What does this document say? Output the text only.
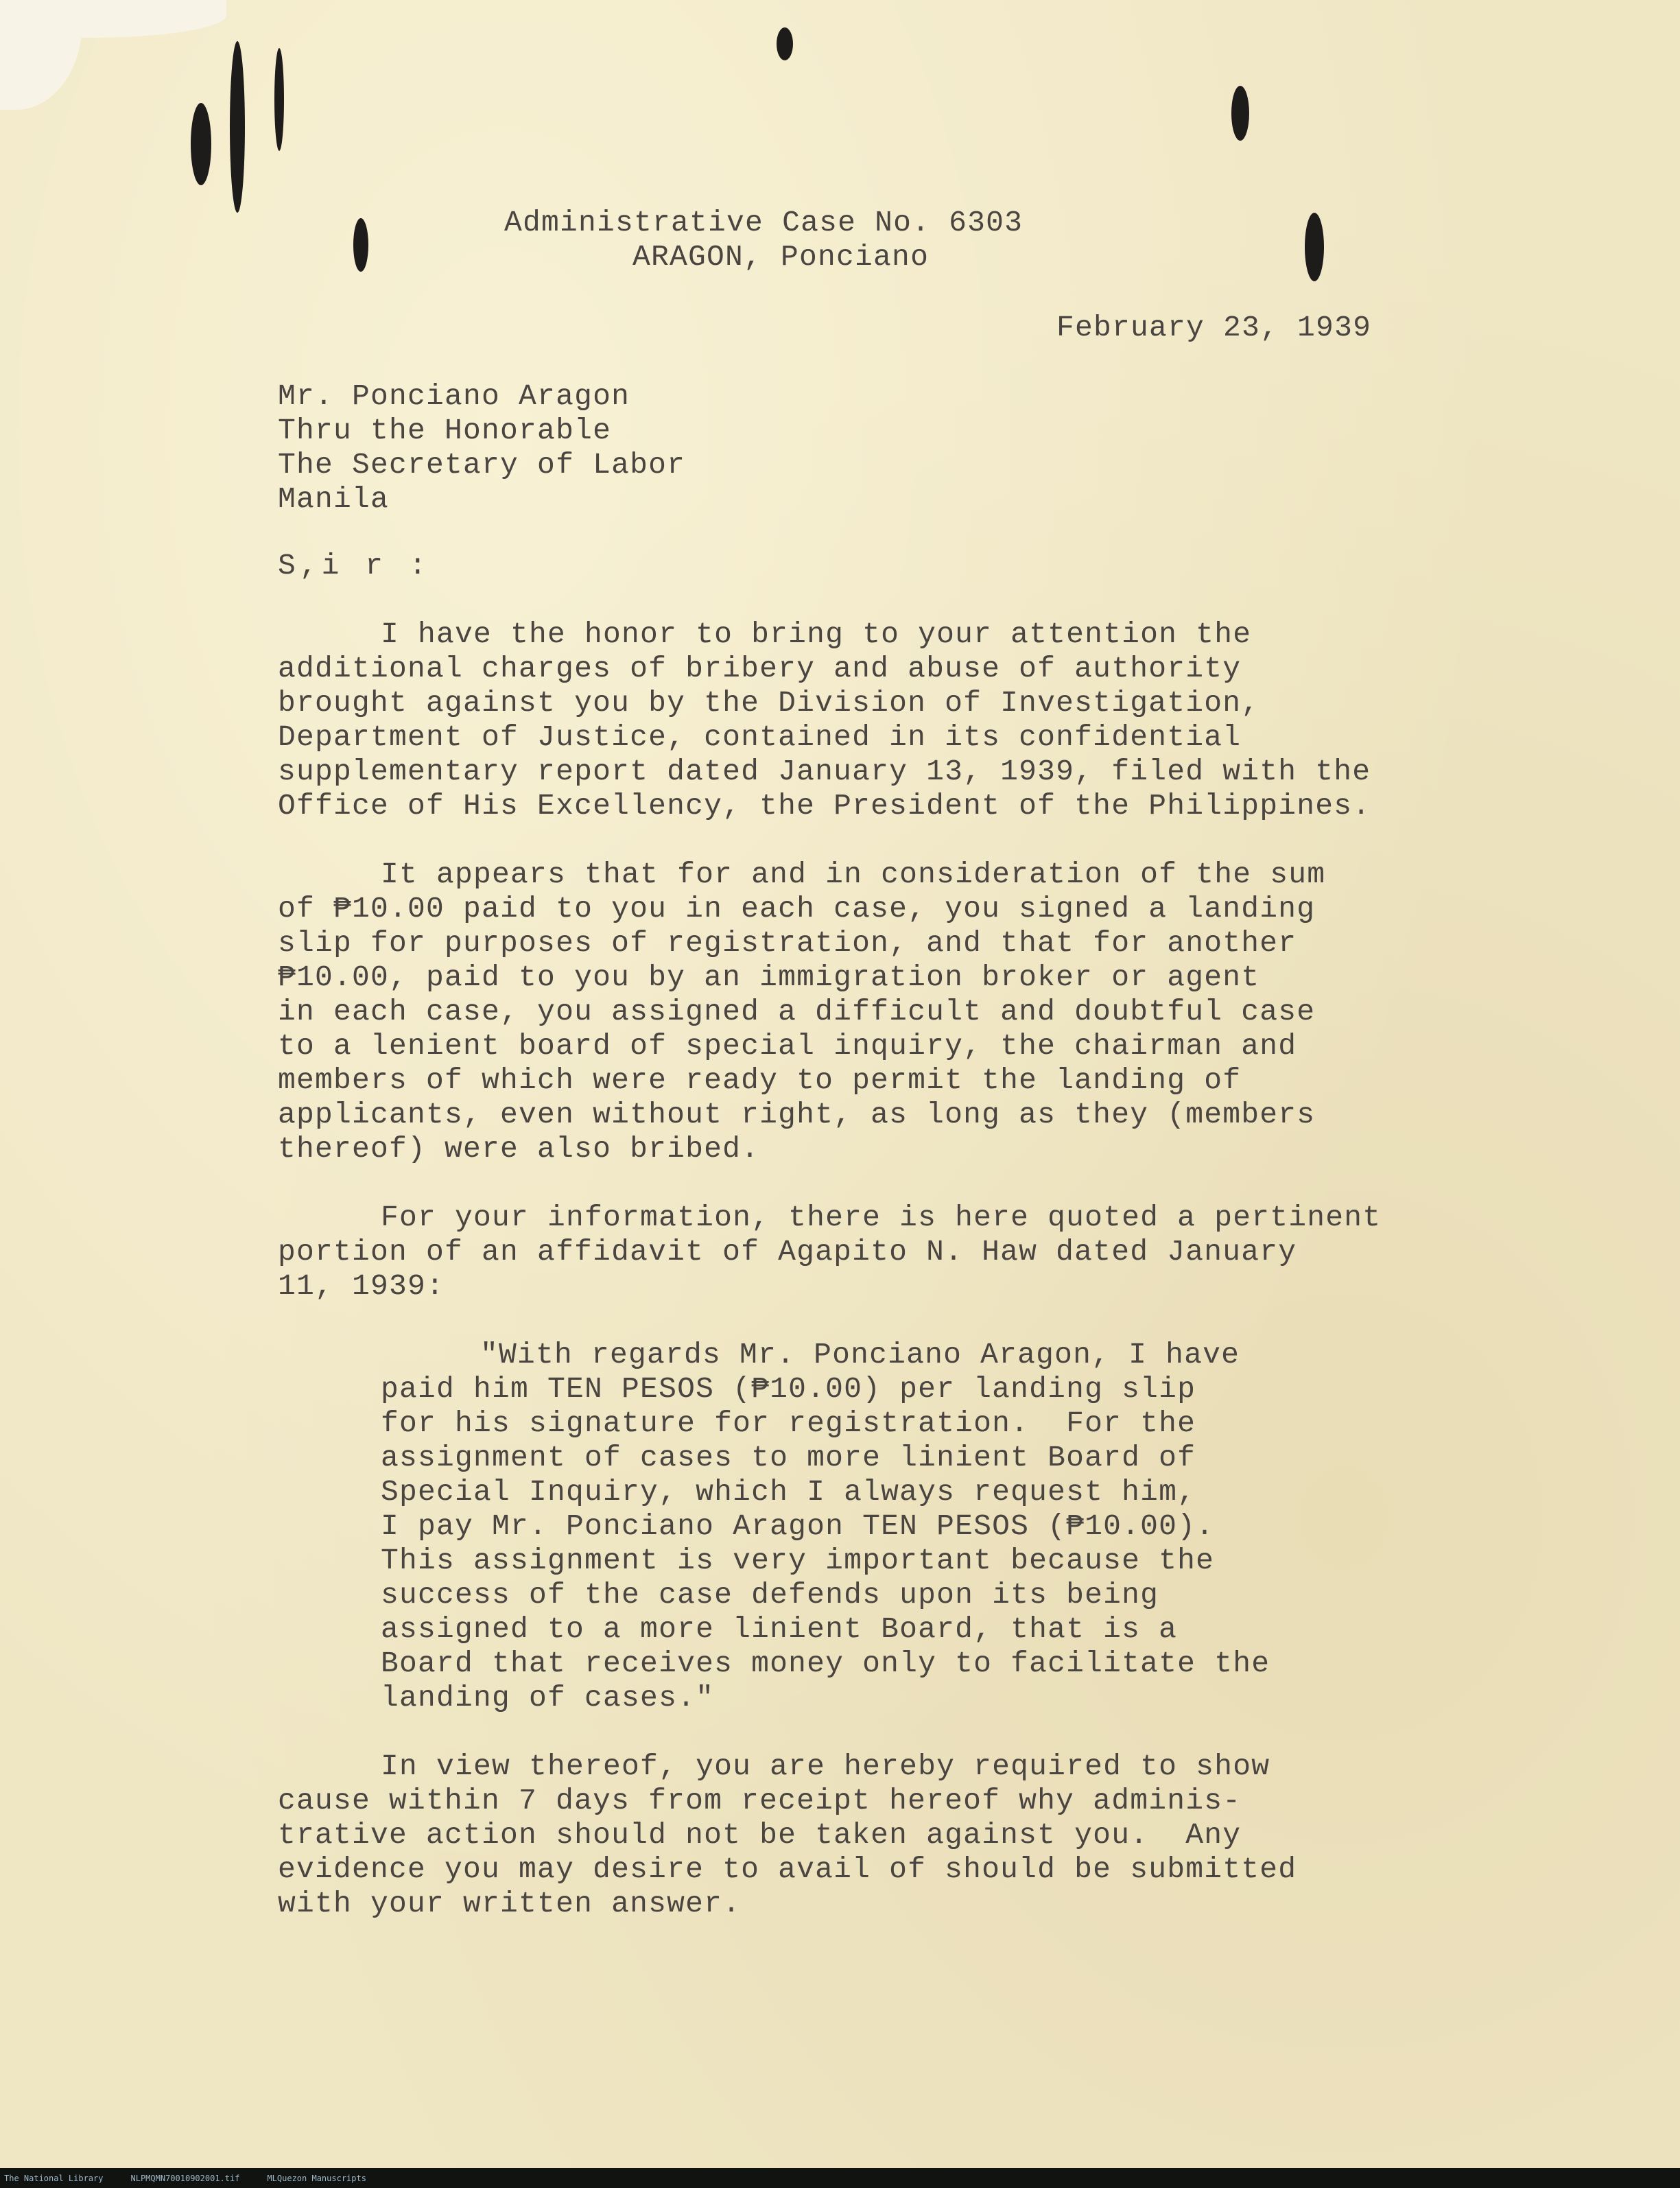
Administrative Case No. 6303
ARAGON, Ponciano
February 23, 1939
Mr. Ponciano Aragon
Thru the Honorable
The Secretary of Labor
Manila
S,i r :
I have the honor to bring to your attention the
additional charges of bribery and abuse of authority
brought against you by the Division of Investigation,
Department of Justice, contained in its confidential
supplementary report dated January 13, 1939, filed with the
Office of His Excellency, the President of the Philippines.
It appears that for and in consideration of the sum
of ₱10.00 paid to you in each case, you signed a landing
slip for purposes of registration, and that for another
₱10.00, paid to you by an immigration broker or agent
in each case, you assigned a difficult and doubtful case
to a lenient board of special inquiry, the chairman and
members of which were ready to permit the landing of
applicants, even without right, as long as they (members
thereof) were also bribed.
For your information, there is here quoted a pertinent
portion of an affidavit of Agapito N. Haw dated January
11, 1939:
"With regards Mr. Ponciano Aragon, I have
paid him TEN PESOS (₱10.00) per landing slip
for his signature for registration.  For the
assignment of cases to more linient Board of
Special Inquiry, which I always request him,
I pay Mr. Ponciano Aragon TEN PESOS (₱10.00).
This assignment is very important because the
success of the case defends upon its being
assigned to a more linient Board, that is a
Board that receives money only to facilitate the
landing of cases."
In view thereof, you are hereby required to show
cause within 7 days from receipt hereof why adminis-
trative action should not be taken against you.  Any
evidence you may desire to avail of should be submitted
with your written answer.
The National Library	NLPMQMN70010902001.tif	MLQuezon Manuscripts
